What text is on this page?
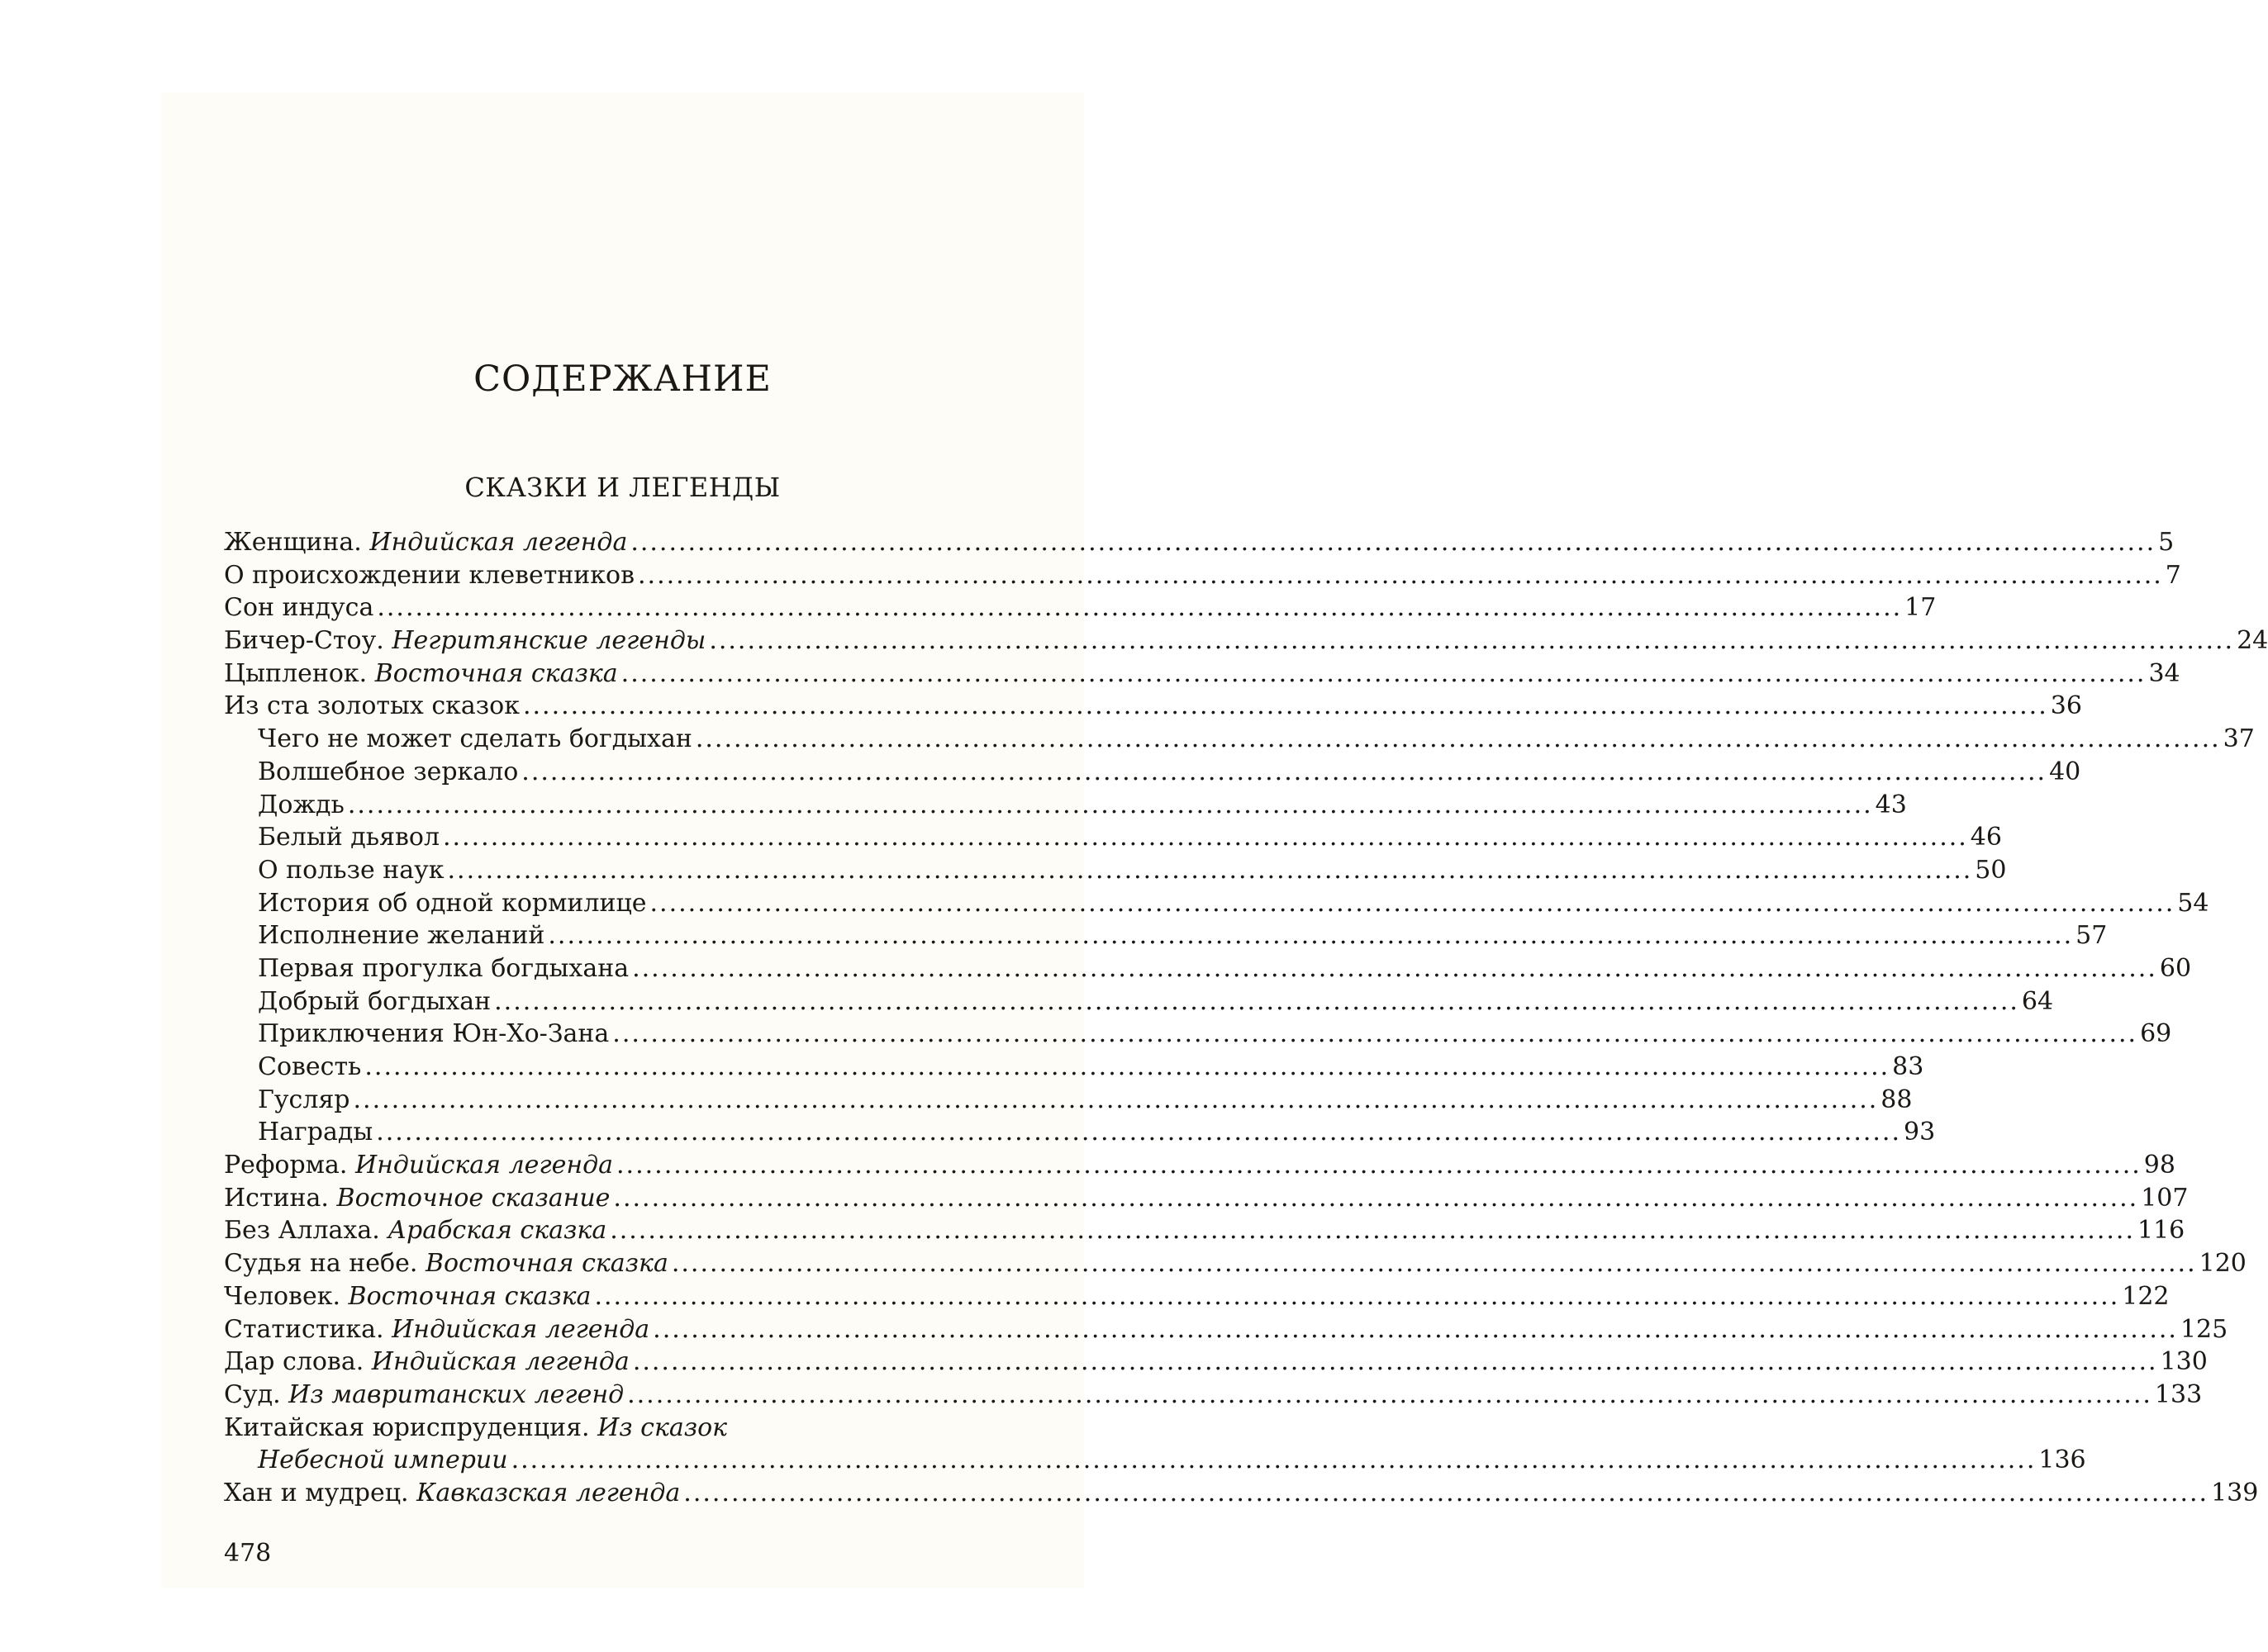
СОДЕРЖАНИЕ
СКАЗКИ И ЛЕГЕНДЫ
Женщина. Индийская легенда ................................................................................................................................................................ 5
О происхождении клеветников ................................................................................................................................................................ 7
Сон индуса ................................................................................................................................................................ 17
Бичер-Стоу. Негритянские легенды ................................................................................................................................................................ 24
Цыпленок. Восточная сказка ................................................................................................................................................................ 34
Из ста золотых сказок ................................................................................................................................................................ 36
Чего не может сделать богдыхан ................................................................................................................................................................ 37
Волшебное зеркало ................................................................................................................................................................ 40
Дождь ................................................................................................................................................................ 43
Белый дьявол ................................................................................................................................................................ 46
О пользе наук ................................................................................................................................................................ 50
История об одной кормилице ................................................................................................................................................................ 54
Исполнение желаний ................................................................................................................................................................ 57
Первая прогулка богдыхана ................................................................................................................................................................ 60
Добрый богдыхан ................................................................................................................................................................ 64
Приключения Юн-Хо-Зана ................................................................................................................................................................ 69
Совесть ................................................................................................................................................................ 83
Гусляр ................................................................................................................................................................ 88
Награды ................................................................................................................................................................ 93
Реформа. Индийская легенда ................................................................................................................................................................ 98
Истина. Восточное сказание ................................................................................................................................................................ 107
Без Аллаха. Арабская сказка ................................................................................................................................................................ 116
Судья на небе. Восточная сказка ................................................................................................................................................................ 120
Человек. Восточная сказка ................................................................................................................................................................ 122
Статистика. Индийская легенда ................................................................................................................................................................ 125
Дар слова. Индийская легенда ................................................................................................................................................................ 130
Суд. Из мавританских легенд ................................................................................................................................................................ 133
Китайская юриспруденция. Из сказок
Небесной империи ................................................................................................................................................................ 136
Хан и мудрец. Кавказская легенда ................................................................................................................................................................ 139
478
